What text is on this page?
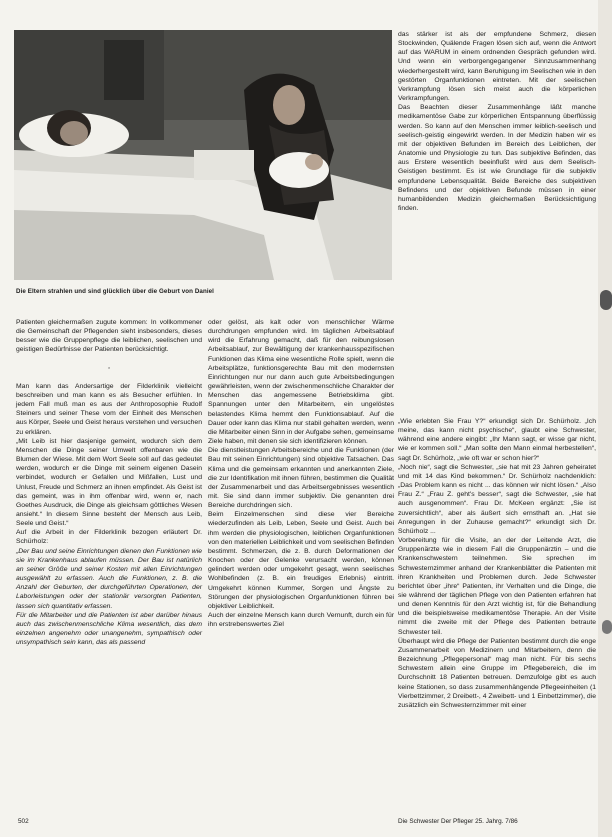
Die Eltern strahlen und sind glücklich über die Geburt von Daniel

das stärker ist als der empfundene Schmerz, diesen Stockwinden, Quälende Fragen lösen sich auf, wenn die Antwort auf das WARUM in einem ordnenden Gespräch gefunden wird. Und wenn ein verborgengegangener Sinnzusammenhang wiederhergestellt wird, kann Beruhigung im Seelischen wie in den gestörten Organfunktionen eintreten. Mit der seelischen Verkrampfung lösen sich meist auch die körperlichen Verkrampfungen.

Das Beachten dieser Zusammenhänge läßt manche medikamentöse Gabe zur körperlichen Entspannung überflüssig werden. So kann auf den Menschen immer leiblich-seelisch und seelisch-geistig eingewirkt werden. In der Medizin haben wir es mit der objektiven Befunden im Bereich des Leiblichen, der Anatomie und Physiologie zu tun. Das subjektive Befinden, das aus Erstere wesentlich beeinflußt wird aus dem Seelisch-Geistigen bestimmt. Es ist wie Grundlage für die subjektiv empfundene Lebensqualität. Beide Bereiche des subjektiven Befindens und der objektiven Befunde müssen in einer humanbildenden Medizin gleichermaßen Berücksichtigung finden.

Patienten gleichermaßen zugute kommen: In vollkommener die Gemeinschaft der Pflegenden sieht insbesonders, dieses besser wie die Gruppenpflege die leiblichen, seelischen und geistigen Bedürfnisse der Patienten berücksichtigt.

◦

Man kann das Andersartige der Filderklinik vielleicht beschreiben und man kann es als Besucher erfühlen. In jedem Fall muß man es aus der Anthroposophie Rudolf Steiners und seiner These vom der Einheit des Menschen aus Körper, Seele und Geist heraus verstehen und versuchen zu erklären.

„Mit Leib ist hier dasjenige gemeint, wodurch sich dem Menschen die Dinge seiner Umwelt offenbaren wie die Blumen der Wiese. Mit dem Wort Seele soll auf das gedeutet werden, wodurch er die Dinge mit seinem eigenen Dasein verbindet, wodurch er Gefallen und Mißfallen, Lust und Unlust, Freude und Schmerz an ihnen empfindet. Als Geist ist das gemeint, was in ihm offenbar wird, wenn er, nach Goethes Ausdruck, die Dinge als gleichsam göttliches Wesen ansieht.“ In diesem Sinne besteht der Mensch aus Leib, Seele und Geist.“

Auf die Arbeit in der Filderklinik bezogen erläutert Dr. Schürholz:

„Der Bau und seine Einrichtungen dienen den Funktionen wie sie im Krankenhaus ablaufen müssen. Der Bau ist natürlich an seiner Größe und seiner Kosten mit allen Einrichtungen ausgewählt zu erfassen. Auch die Funktionen, z. B. die Anzahl der Geburten, der durchgeführten Operationen, der Laborleistungen oder der stationär versorgten Patienten, lassen sich quantitativ erfassen.

Für die Mitarbeiter und die Patienten ist aber darüber hinaus auch das zwischenmenschliche Klima wesentlich, das dem einzelnen angenehm oder unangenehm, sympathisch oder unsympathisch sein kann, das als passend

oder gelöst, als kalt oder von menschlicher Wärme durchdrungen empfunden wird. Im täglichen Arbeitsablauf wird die Erfahrung gemacht, daß für den reibungslosen Arbeitsablauf, zur Bewältigung der krankenhausspezifischen Funktionen das Klima eine wesentliche Rolle spielt, wenn die Arbeitsplätze, funktionsgerechte Bau mit den modernsten Einrichtungen nur nur dann auch gute Arbeitsbedingungen gewährleisten, wenn der zwischenmenschliche Charakter der Menschen das angemessene Betriebsklima gibt. Spannungen unter den Mitarbeitern, ein ungelöstes belastendes Klima hemmt den Funktionsablauf. Auf die Dauer oder kann das Klima nur stabil gehalten werden, wenn die Mitarbeiter einen Sinn in der Aufgabe sehen, gemeinsame Ziele haben, mit denen sie sich identifizieren können.

Die dienstleistungen Arbeitsbereiche und die Funktionen (der Bau mit seinen Einrichtungen) sind objektive Tatsachen. Das Klima und die gemeinsam erkannten und anerkannten Ziele, die zur Identifikation mit ihnen führen, bestimmen die Qualität der Zusammenarbeit und das Arbeitsergebnisses wesentlich mit. Sie sind dann immer subjektiv. Die genannten drei Bereiche durchdringen sich.

Beim Einzelmenschen sind diese vier Bereiche wiederzufinden als Leib, Leben, Seele und Geist. Auch bei ihm werden die physiologischen, leiblichen Organfunktionen von den materiellen Leiblichkeit und vom seelischen Befinden bestimmt. Schmerzen, die z. B. durch Deformationen der Knochen oder der Gelenke verursacht werden, können gelindert werden oder umgekehrt gesagt, wenn seelisches Wohlbefinden (z. B. ein freudiges Erlebnis) eintritt. Umgekehrt können Kummer, Sorgen und Ängste zu Störungen der physiologischen Organfunktionen führen bei objektiver Leiblichkeit.

Auch der einzelne Mensch kann durch Vernunft, durch ein für ihn erstrebenswertes Ziel

„Wie erlebten Sie Frau Y?“ erkundigt sich Dr. Schürholz. „Ich meine, das kann nicht psychische“, glaubt eine Schwester, während eine andere eingibt: „Ihr Mann sagt, er wisse gar nicht, wie er kommen soll.“ „Man sollte den Mann einmal herbestellen“, sagt Dr. Schürholz, „wie oft war er schon hier?“

„Noch nie“, sagt die Schwester, „sie hat mit 23 Jahren geheiratet und mit 14 das Kind bekommen.“ Dr. Schürholz nachdenklich: „Das Problem kann es nicht ... das können wir nicht lösen.“ „Also Frau Z.“ „Frau Z. geht's besser“, sagt die Schwester, „sie hat auch ausgenommen“. Frau Dr. McKeen ergänzt: „Sie ist zuversichtlich“, aber als äußert sich ernsthaft an. „Hat sie Anregungen in der Zuhause gemacht?“ erkundigt sich Dr. Schürholz ...

Vorbereitung für die Visite, an der der Leitende Arzt, die Gruppenärzte wie in diesem Fall die Gruppenärztin – und die Krankenschwestern teilnehmen. Sie sprechen im Schwesternzimmer anhand der Krankenblätter die Patienten mit ihren Krankheiten und Problemen durch. Jede Schwester berichtet über „ihre“ Patienten, ihr Verhalten und die Dinge, die sie während der täglichen Pflege von den Patienten erfahren hat und denen Kenntnis für den Arzt wichtig ist, für die Behandlung und die beispielsweise medikamentöse Therapie. An der Visite nimmt die zweite mit der Pflege des Patienten betraute Schwester teil.

Überhaupt wird die Pflege der Patienten bestimmt durch die enge Zusammenarbeit von Medizinern und Mitarbeitern, denn die Bezeichnung „Pflegepersonal“ mag man nicht. Für bis sechs Schwestern allein eine Gruppe im Pflegebereich, die im Durchschnitt 18 Patienten betreuen. Demzufolge gibt es auch keine Stationen, so dass zusammenhängende Pflegeeinheiten (1 Vierbettzimmer, 2 Dreibett-, 4 Zweibett- und 1 Einbettzimmer), die zusätzlich ein Schwesternzimmer mit einer

502	Die Schwester Der Pfleger 25. Jahrg. 7/86
